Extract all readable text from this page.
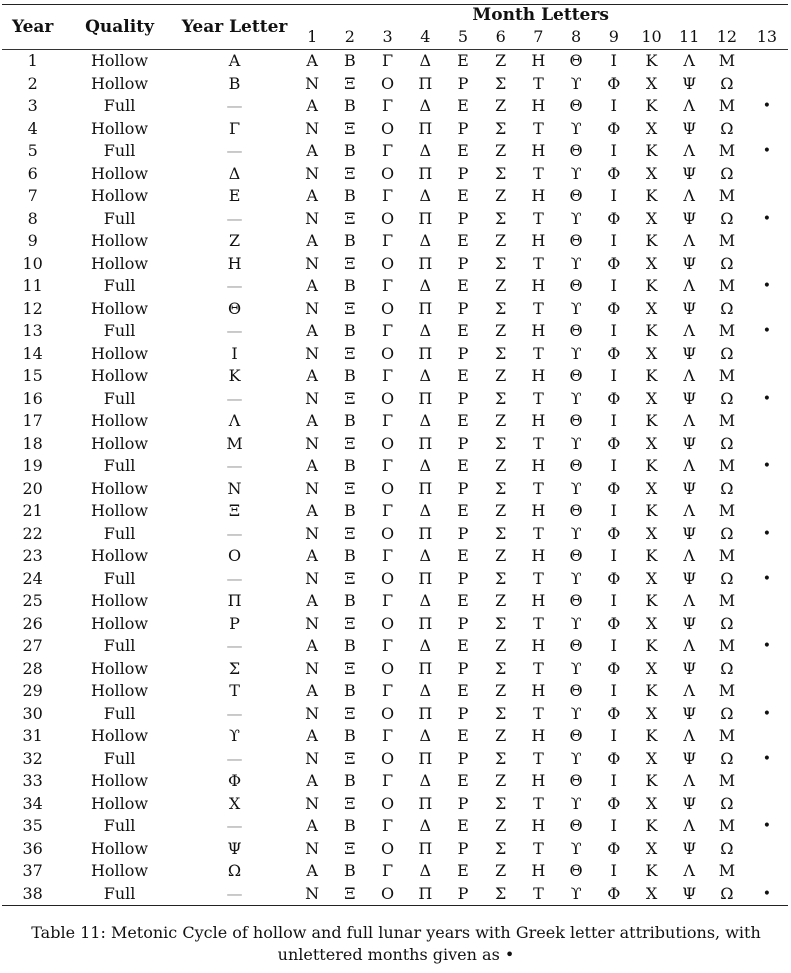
Year	Quality	Year Letter	Month Letters												
			1	2	3	4	5	6	7	8	9	10	11	12	13
1	Hollow	Α	Α	Β	Γ	Δ	Ε	Ζ	Η	Θ	Ι	Κ	Λ	Μ	
2	Hollow	Β	Ν	Ξ	Ο	Π	Ρ	Σ	Τ	ϒ	Φ	Χ	Ψ	Ω	
3	Full	—	Α	Β	Γ	Δ	Ε	Ζ	Η	Θ	Ι	Κ	Λ	Μ	•
4	Hollow	Γ	Ν	Ξ	Ο	Π	Ρ	Σ	Τ	ϒ	Φ	Χ	Ψ	Ω	
5	Full	—	Α	Β	Γ	Δ	Ε	Ζ	Η	Θ	Ι	Κ	Λ	Μ	•
6	Hollow	Δ	Ν	Ξ	Ο	Π	Ρ	Σ	Τ	ϒ	Φ	Χ	Ψ	Ω	
7	Hollow	Ε	Α	Β	Γ	Δ	Ε	Ζ	Η	Θ	Ι	Κ	Λ	Μ	
8	Full	—	Ν	Ξ	Ο	Π	Ρ	Σ	Τ	ϒ	Φ	Χ	Ψ	Ω	•
9	Hollow	Ζ	Α	Β	Γ	Δ	Ε	Ζ	Η	Θ	Ι	Κ	Λ	Μ	
10	Hollow	Η	Ν	Ξ	Ο	Π	Ρ	Σ	Τ	ϒ	Φ	Χ	Ψ	Ω	
11	Full	—	Α	Β	Γ	Δ	Ε	Ζ	Η	Θ	Ι	Κ	Λ	Μ	•
12	Hollow	Θ	Ν	Ξ	Ο	Π	Ρ	Σ	Τ	ϒ	Φ	Χ	Ψ	Ω	
13	Full	—	Α	Β	Γ	Δ	Ε	Ζ	Η	Θ	Ι	Κ	Λ	Μ	•
14	Hollow	Ι	Ν	Ξ	Ο	Π	Ρ	Σ	Τ	ϒ	Φ	Χ	Ψ	Ω	
15	Hollow	Κ	Α	Β	Γ	Δ	Ε	Ζ	Η	Θ	Ι	Κ	Λ	Μ	
16	Full	—	Ν	Ξ	Ο	Π	Ρ	Σ	Τ	ϒ	Φ	Χ	Ψ	Ω	•
17	Hollow	Λ	Α	Β	Γ	Δ	Ε	Ζ	Η	Θ	Ι	Κ	Λ	Μ	
18	Hollow	Μ	Ν	Ξ	Ο	Π	Ρ	Σ	Τ	ϒ	Φ	Χ	Ψ	Ω	
19	Full	—	Α	Β	Γ	Δ	Ε	Ζ	Η	Θ	Ι	Κ	Λ	Μ	•
20	Hollow	Ν	Ν	Ξ	Ο	Π	Ρ	Σ	Τ	ϒ	Φ	Χ	Ψ	Ω	
21	Hollow	Ξ	Α	Β	Γ	Δ	Ε	Ζ	Η	Θ	Ι	Κ	Λ	Μ	
22	Full	—	Ν	Ξ	Ο	Π	Ρ	Σ	Τ	ϒ	Φ	Χ	Ψ	Ω	•
23	Hollow	Ο	Α	Β	Γ	Δ	Ε	Ζ	Η	Θ	Ι	Κ	Λ	Μ	
24	Full	—	Ν	Ξ	Ο	Π	Ρ	Σ	Τ	ϒ	Φ	Χ	Ψ	Ω	•
25	Hollow	Π	Α	Β	Γ	Δ	Ε	Ζ	Η	Θ	Ι	Κ	Λ	Μ	
26	Hollow	Ρ	Ν	Ξ	Ο	Π	Ρ	Σ	Τ	ϒ	Φ	Χ	Ψ	Ω	
27	Full	—	Α	Β	Γ	Δ	Ε	Ζ	Η	Θ	Ι	Κ	Λ	Μ	•
28	Hollow	Σ	Ν	Ξ	Ο	Π	Ρ	Σ	Τ	ϒ	Φ	Χ	Ψ	Ω	
29	Hollow	Τ	Α	Β	Γ	Δ	Ε	Ζ	Η	Θ	Ι	Κ	Λ	Μ	
30	Full	—	Ν	Ξ	Ο	Π	Ρ	Σ	Τ	ϒ	Φ	Χ	Ψ	Ω	•
31	Hollow	ϒ	Α	Β	Γ	Δ	Ε	Ζ	Η	Θ	Ι	Κ	Λ	Μ	
32	Full	—	Ν	Ξ	Ο	Π	Ρ	Σ	Τ	ϒ	Φ	Χ	Ψ	Ω	•
33	Hollow	Φ	Α	Β	Γ	Δ	Ε	Ζ	Η	Θ	Ι	Κ	Λ	Μ	
34	Hollow	Χ	Ν	Ξ	Ο	Π	Ρ	Σ	Τ	ϒ	Φ	Χ	Ψ	Ω	
35	Full	—	Α	Β	Γ	Δ	Ε	Ζ	Η	Θ	Ι	Κ	Λ	Μ	•
36	Hollow	Ψ	Ν	Ξ	Ο	Π	Ρ	Σ	Τ	ϒ	Φ	Χ	Ψ	Ω	
37	Hollow	Ω	Α	Β	Γ	Δ	Ε	Ζ	Η	Θ	Ι	Κ	Λ	Μ	
38	Full	—	Ν	Ξ	Ο	Π	Ρ	Σ	Τ	ϒ	Φ	Χ	Ψ	Ω	•
Table 11: Metonic Cycle of hollow and full lunar years with Greek letter attributions, with unlettered months given as •
